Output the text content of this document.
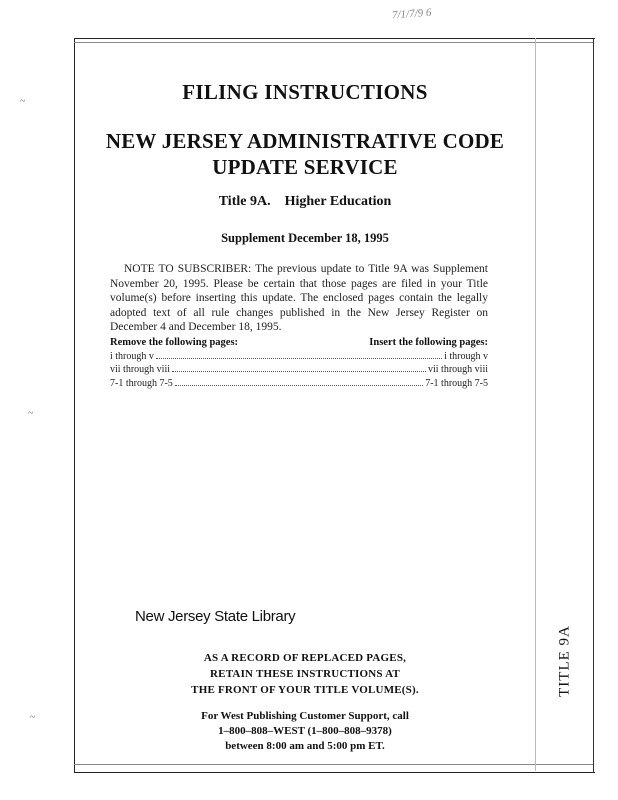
7/1/7/9 6
~
~
~
FILING INSTRUCTIONS
NEW JERSEY ADMINISTRATIVE CODE
UPDATE SERVICE
Title 9A. Higher Education
Supplement December 18, 1995
NOTE TO SUBSCRIBER: The previous update to Title 9A was Supplement November 20, 1995. Please be certain that those pages are filed in your Title volume(s) before inserting this update. The enclosed pages contain the legally adopted text of all rule changes published in the New Jersey Register on December 4 and December 18, 1995.
Remove the following pages:	Insert the following pages:
i through v	i through v
vii through viii	vii through viii
7-1 through 7-5	7-1 through 7-5
New Jersey State Library
AS A RECORD OF REPLACED PAGES,
RETAIN THESE INSTRUCTIONS AT
THE FRONT OF YOUR TITLE VOLUME(S).
For West Publishing Customer Support, call
1–800–808–WEST (1–800–808–9378)
between 8:00 am and 5:00 pm ET.
TITLE 9A
